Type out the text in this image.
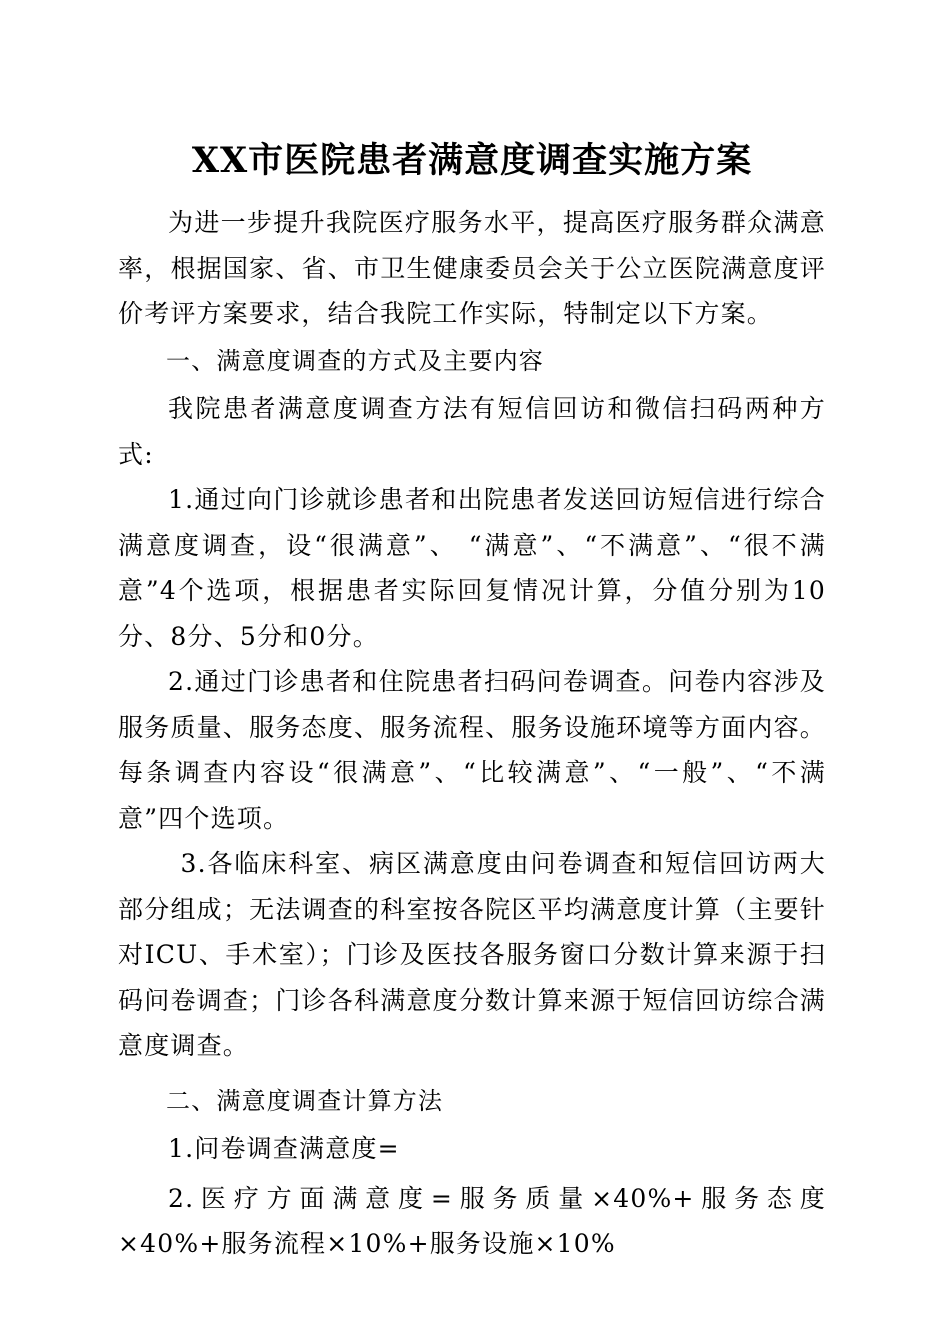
XX市医院患者满意度调查实施方案

为进一步提升我院医疗服务水平，提高医疗服务群众满意率，根据国家、省、市卫生健康委员会关于公立医院满意度评价考评方案要求，结合我院工作实际，特制定以下方案。

一、满意度调查的方式及主要内容

我院患者满意度调查方法有短信回访和微信扫码两种方式:

1.通过向门诊就诊患者和出院患者发送回访短信进行综合满意度调查，设“很满意”、 “满意”、“不满意”、“很不满意”4个选项，根据患者实际回复情况计算，分值分别为10分、8分、5分和0分。

2.通过门诊患者和住院患者扫码问卷调查。问卷内容涉及服务质量、服务态度、服务流程、服务设施环境等方面内容。每条调查内容设“很满意”、“比较满意”、“一般”、“不满意”四个选项。

3.各临床科室、病区满意度由问卷调查和短信回访两大部分组成；无法调查的科室按各院区平均满意度计算（主要针对ICU、手术室）；门诊及医技各服务窗口分数计算来源于扫码问卷调查；门诊各科满意度分数计算来源于短信回访综合满意度调查。

二、满意度调查计算方法

1.问卷调查满意度=

2.医疗方面满意度=服务质量×40%+服务态度×40%+服务流程×10%+服务设施×10%
